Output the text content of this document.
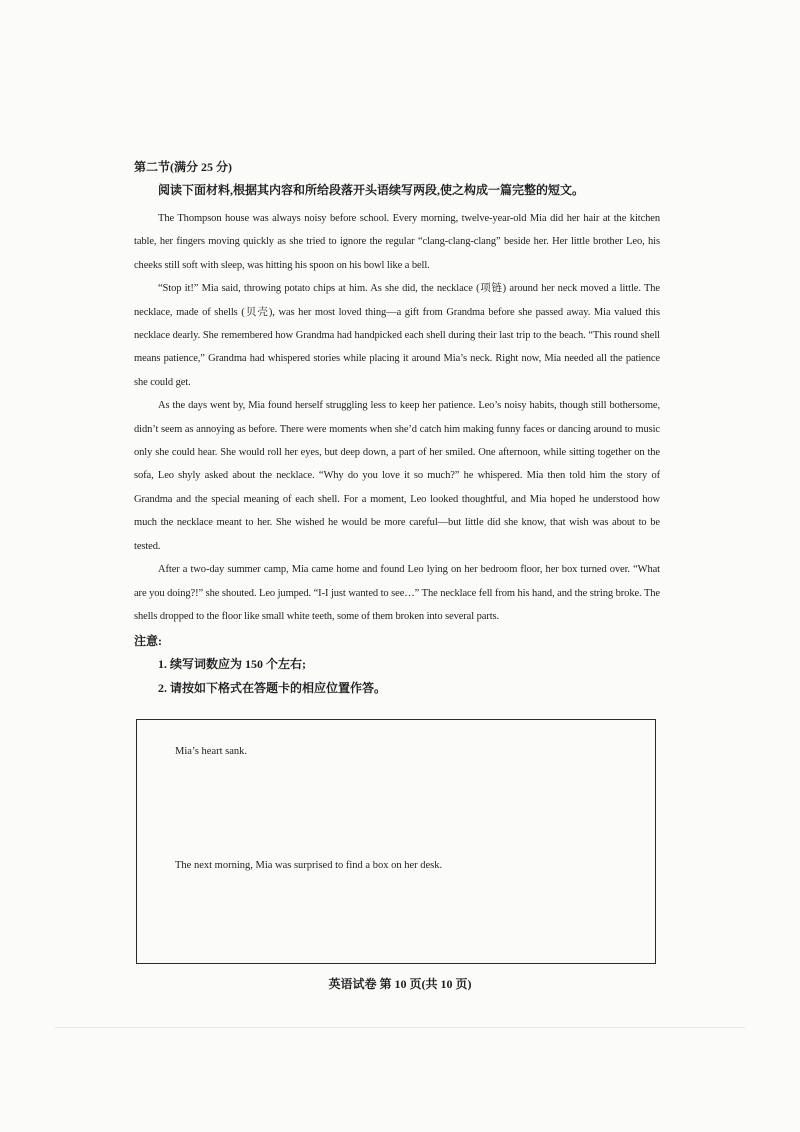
第二节(满分 25 分)

阅读下面材料,根据其内容和所给段落开头语续写两段,使之构成一篇完整的短文。

The Thompson house was always noisy before school. Every morning, twelve-year-old Mia did her hair at the kitchen table, her fingers moving quickly as she tried to ignore the regular “clang-clang-clang” beside her. Her little brother Leo, his cheeks still soft with sleep, was hitting his spoon on his bowl like a bell.

“Stop it!” Mia said, throwing potato chips at him. As she did, the necklace (项链) around her neck moved a little. The necklace, made of shells (贝壳), was her most loved thing—a gift from Grandma before she passed away. Mia valued this necklace dearly. She remembered how Grandma had handpicked each shell during their last trip to the beach. “This round shell means patience,” Grandma had whispered stories while placing it around Mia’s neck. Right now, Mia needed all the patience she could get.

As the days went by, Mia found herself struggling less to keep her patience. Leo’s noisy habits, though still bothersome, didn’t seem as annoying as before. There were moments when she’d catch him making funny faces or dancing around to music only she could hear. She would roll her eyes, but deep down, a part of her smiled. One afternoon, while sitting together on the sofa, Leo shyly asked about the necklace. “Why do you love it so much?” he whispered. Mia then told him the story of Grandma and the special meaning of each shell. For a moment, Leo looked thoughtful, and Mia hoped he understood how much the necklace meant to her. She wished he would be more careful—but little did she know, that wish was about to be tested.

After a two-day summer camp, Mia came home and found Leo lying on her bedroom floor, her box turned over. “What are you doing?!” she shouted. Leo jumped. “I-I just wanted to see…” The necklace fell from his hand, and the string broke. The shells dropped to the floor like small white teeth, some of them broken into several parts.

注意:

1. 续写词数应为 150 个左右;

2. 请按如下格式在答题卡的相应位置作答。

Mia’s heart sank.
The next morning, Mia was surprised to find a box on her desk.
英语试卷 第 10 页(共 10 页)
